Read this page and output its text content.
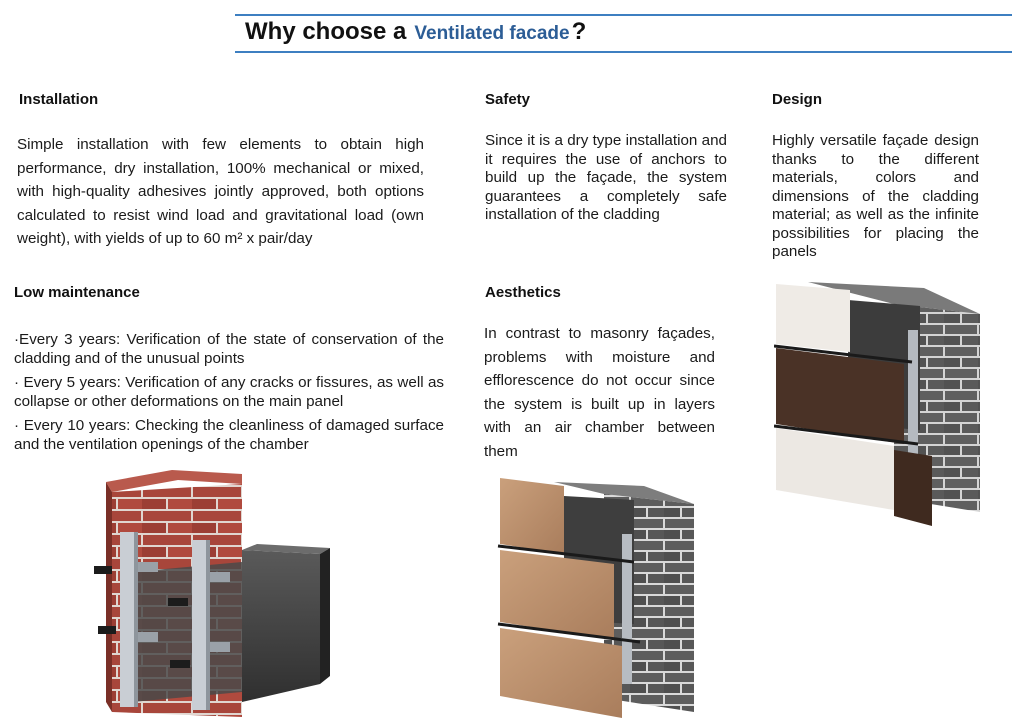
Why choose a Ventilated facade?
Installation
Simple installation with few elements to obtain high performance, dry installation, 100% mechanical or mixed, with high-quality adhesives jointly approved, both options calculated to resist wind load and gravitational load (own weight), with yields of up to 60 m² x pair/day
Safety
Since it is a dry type installation and it requires the use of anchors to build up the façade, the system guarantees a completely safe installation of the cladding
Design
Highly versatile façade design thanks to the different materials, colors and dimensions of the cladding material; as well as the infinite possibilities for placing the panels
Low maintenance
·Every 3 years: Verification of the state of conservation of the cladding and of the unusual points
· Every 5 years: Verification of any cracks or fissures, as well as collapse or other deformations on the main panel
· Every 10 years: Checking the cleanliness of damaged surface and the ventilation openings of the chamber
Aesthetics
In contrast to masonry façades, problems with moisture and efflorescence do not occur since the system is built up in layers with an air chamber between them
